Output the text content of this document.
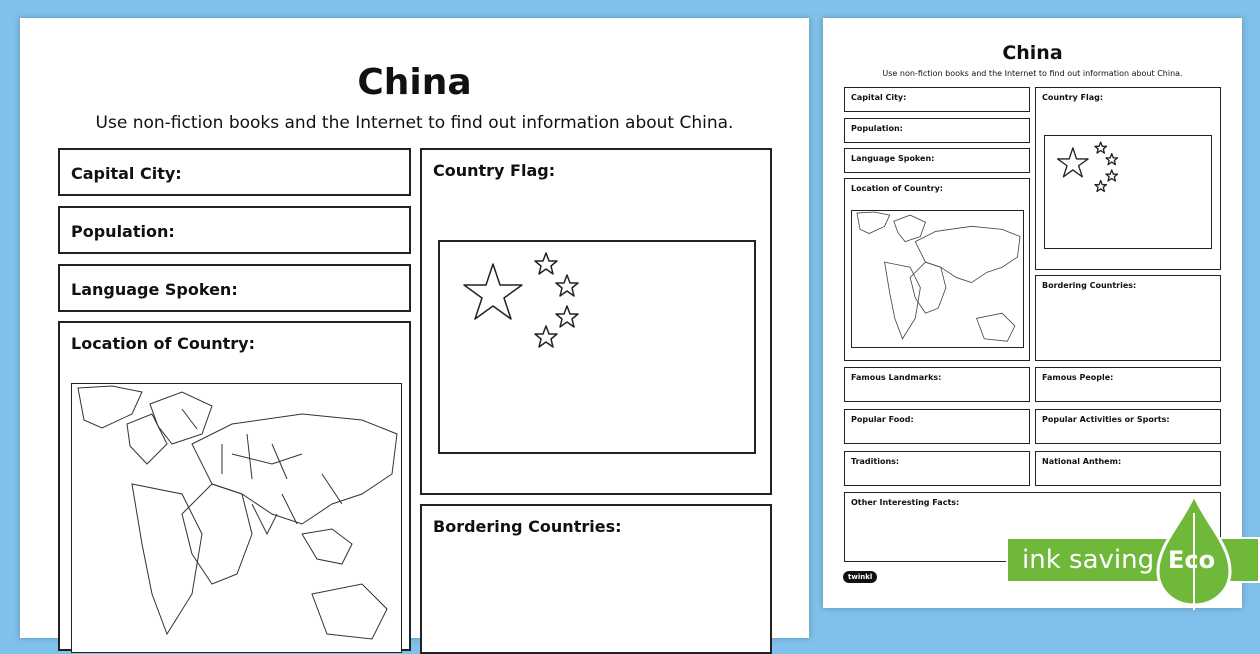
China
Use non-fiction books and the Internet to find out information about China.
Capital City:
Population:
Language Spoken:
Location of Country:
Country Flag:
Bordering Countries:
China
Use non-fiction books and the Internet to find out information about China.
Capital City:
Population:
Language Spoken:
Location of Country:
Country Flag:
Bordering Countries:
Famous Landmarks:	Famous People:
Popular Food:	Popular Activities or Sports:
Traditions:	National Anthem:
Other Interesting Facts:
twinkl
ink saving Eco
